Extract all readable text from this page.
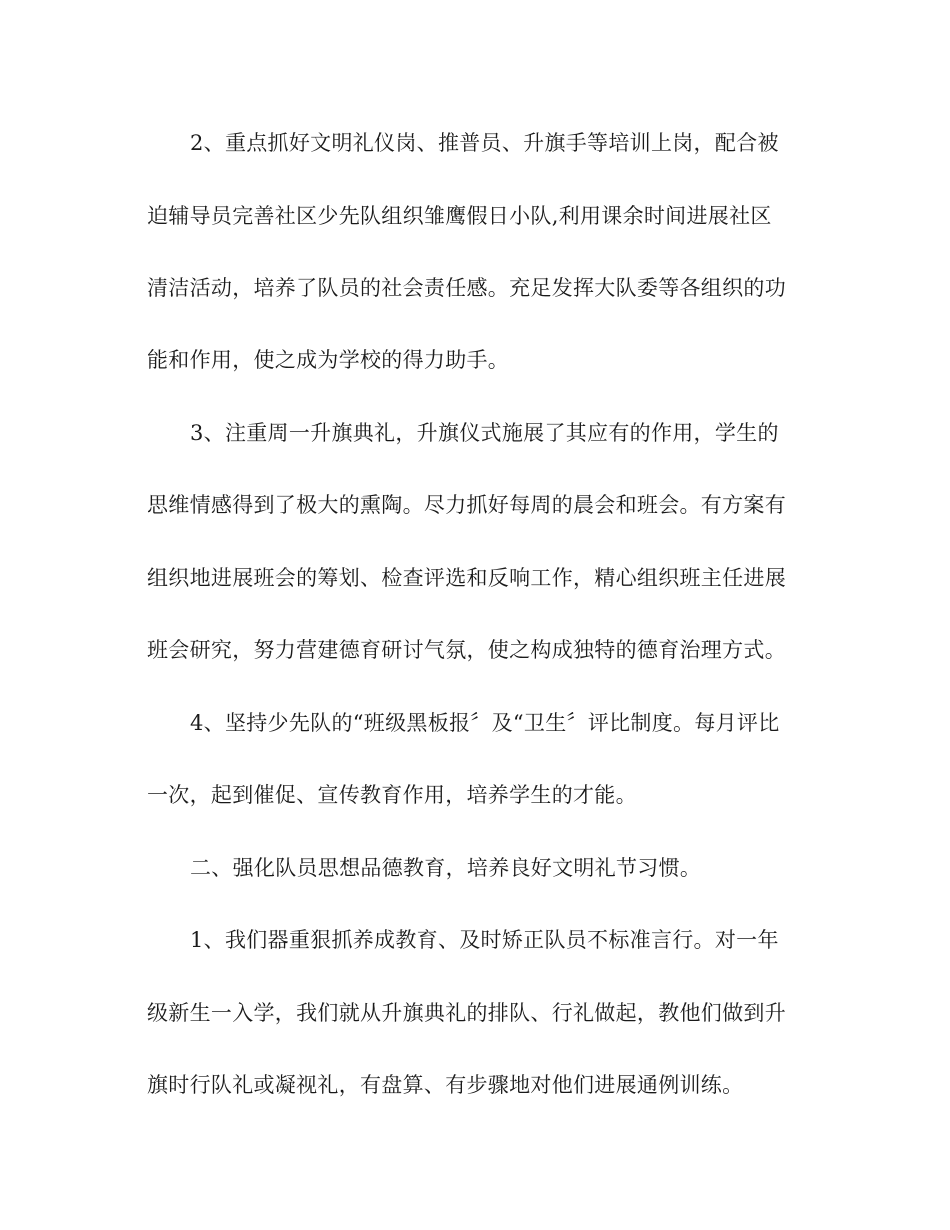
2、重点抓好文明礼仪岗、推普员、升旗手等培训上岗，配合被
迫辅导员完善社区少先队组织雏鹰假日小队,利用课余时间进展社区
清洁活动，培养了队员的社会责任感。充足发挥大队委等各组织的功
能和作用，使之成为学校的得力助手。
3、注重周一升旗典礼，升旗仪式施展了其应有的作用，学生的
思维情感得到了极大的熏陶。尽力抓好每周的晨会和班会。有方案有
组织地进展班会的筹划、检查评选和反响工作，精心组织班主任进展
班会研究，努力营建德育研讨气氛，使之构成独特的德育治理方式。
4、坚持少先队的“班级黑板报〞及“卫生〞评比制度。每月评比
一次，起到催促、宣传教育作用，培养学生的才能。
二、强化队员思想品德教育，培养良好文明礼节习惯。
1、我们器重狠抓养成教育、及时矫正队员不标准言行。对一年
级新生一入学，我们就从升旗典礼的排队、行礼做起，教他们做到升
旗时行队礼或凝视礼，有盘算、有步骤地对他们进展通例训练。
